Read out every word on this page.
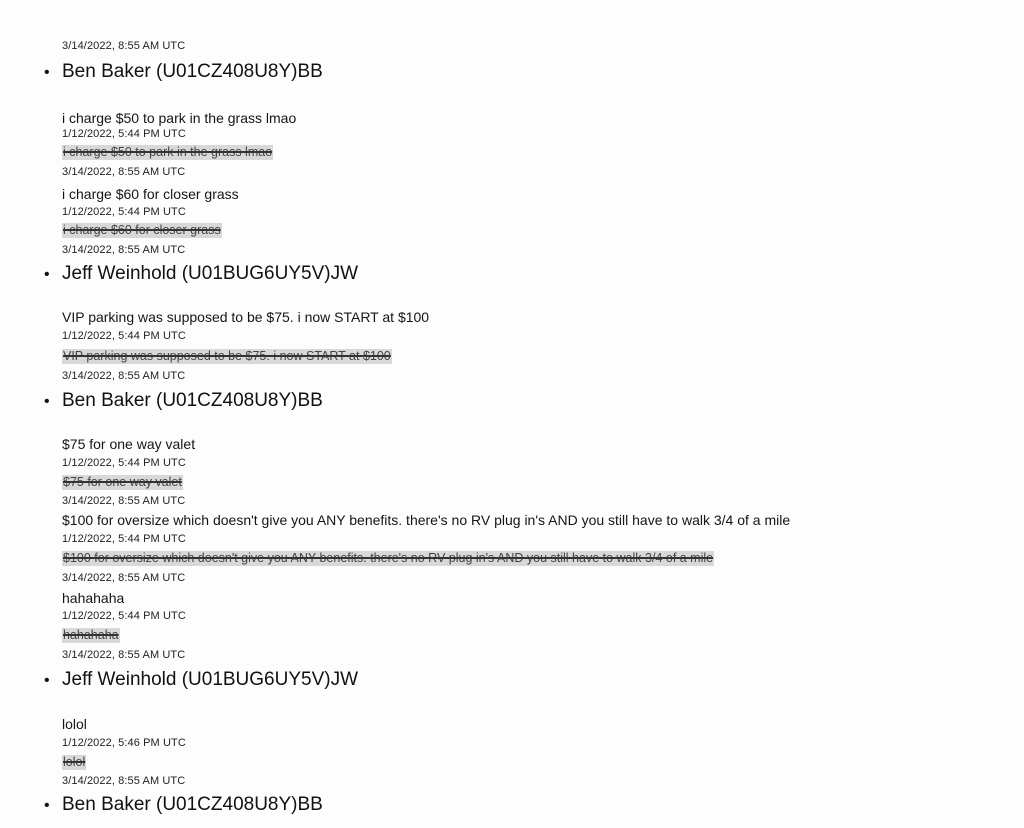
3/14/2022, 8:55 AM UTC
• Ben Baker (U01CZ408U8Y)BB
i charge $50 to park in the grass lmao
1/12/2022, 5:44 PM UTC
i charge $50 to park in the grass lmao
3/14/2022, 8:55 AM UTC
i charge $60 for closer grass
1/12/2022, 5:44 PM UTC
i charge $60 for closer grass
3/14/2022, 8:55 AM UTC
• Jeff Weinhold (U01BUG6UY5V)JW
VIP parking was supposed to be $75. i now START at $100
1/12/2022, 5:44 PM UTC
VIP parking was supposed to be $75. i now START at $100
3/14/2022, 8:55 AM UTC
• Ben Baker (U01CZ408U8Y)BB
$75 for one way valet
1/12/2022, 5:44 PM UTC
$75 for one way valet
3/14/2022, 8:55 AM UTC
$100 for oversize which doesn't give you ANY benefits. there's no RV plug in's AND you still have to walk 3/4 of a mile
1/12/2022, 5:44 PM UTC
$100 for oversize which doesn't give you ANY benefits. there's no RV plug in's AND you still have to walk 3/4 of a mile
3/14/2022, 8:55 AM UTC
hahahaha
1/12/2022, 5:44 PM UTC
hahahaha
3/14/2022, 8:55 AM UTC
• Jeff Weinhold (U01BUG6UY5V)JW
lolol
1/12/2022, 5:46 PM UTC
lolol
3/14/2022, 8:55 AM UTC
• Ben Baker (U01CZ408U8Y)BB
